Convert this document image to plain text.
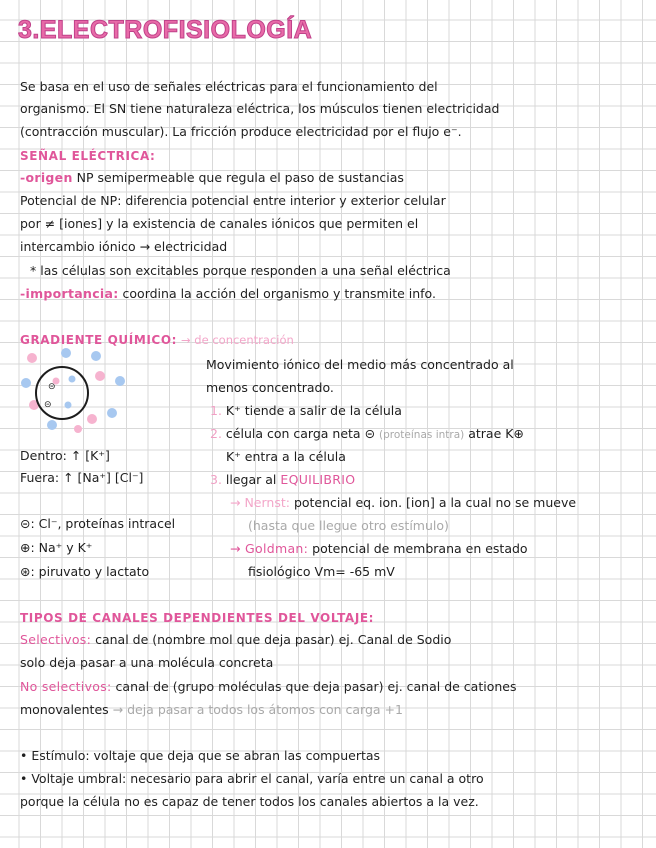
3.ELECTROFISIOLOGÍA
Se basa en el uso de señales eléctricas para el funcionamiento del
organismo. El SN tiene naturaleza eléctrica, los músculos tienen electricidad
(contracción muscular). La fricción produce electricidad por el flujo e⁻.
SEÑAL ELÉCTRICA:
-origen NP semipermeable que regula el paso de sustancias
Potencial de NP: diferencia potencial entre interior y exterior celular
por ≠ [iones] y la existencia de canales iónicos que permiten el
intercambio iónico → electricidad
* las células son excitables porque responden a una señal eléctrica
-importancia: coordina la acción del organismo y transmite info.
GRADIENTE QUÍMICO: → de concentración
⊝
⊝
Movimiento iónico del medio más concentrado al
menos concentrado.
1. K⁺ tiende a salir de la célula
2. célula con carga neta ⊝ (proteínas intra) atrae K⊕
K⁺ entra a la célula
3. llegar al EQUILIBRIO
Dentro: ↑ [K⁺]
Fuera: ↑ [Na⁺] [Cl⁻]
→ Nernst: potencial eq. ion. [ion] a la cual no se mueve
(hasta que llegue otro estímulo)
→ Goldman: potencial de membrana en estado
fisiológico Vm= -65 mV
⊝: Cl⁻, proteínas intracel
⊕: Na⁺ y K⁺
⊛: piruvato y lactato
TIPOS DE CANALES DEPENDIENTES DEL VOLTAJE:
Selectivos: canal de (nombre mol que deja pasar) ej. Canal de Sodio
solo deja pasar a una molécula concreta
No selectivos: canal de (grupo moléculas que deja pasar) ej. canal de cationes
monovalentes → deja pasar a todos los átomos con carga +1
• Estímulo: voltaje que deja que se abran las compuertas
• Voltaje umbral: necesario para abrir el canal, varía entre un canal a otro
porque la célula no es capaz de tener todos los canales abiertos a la vez.
